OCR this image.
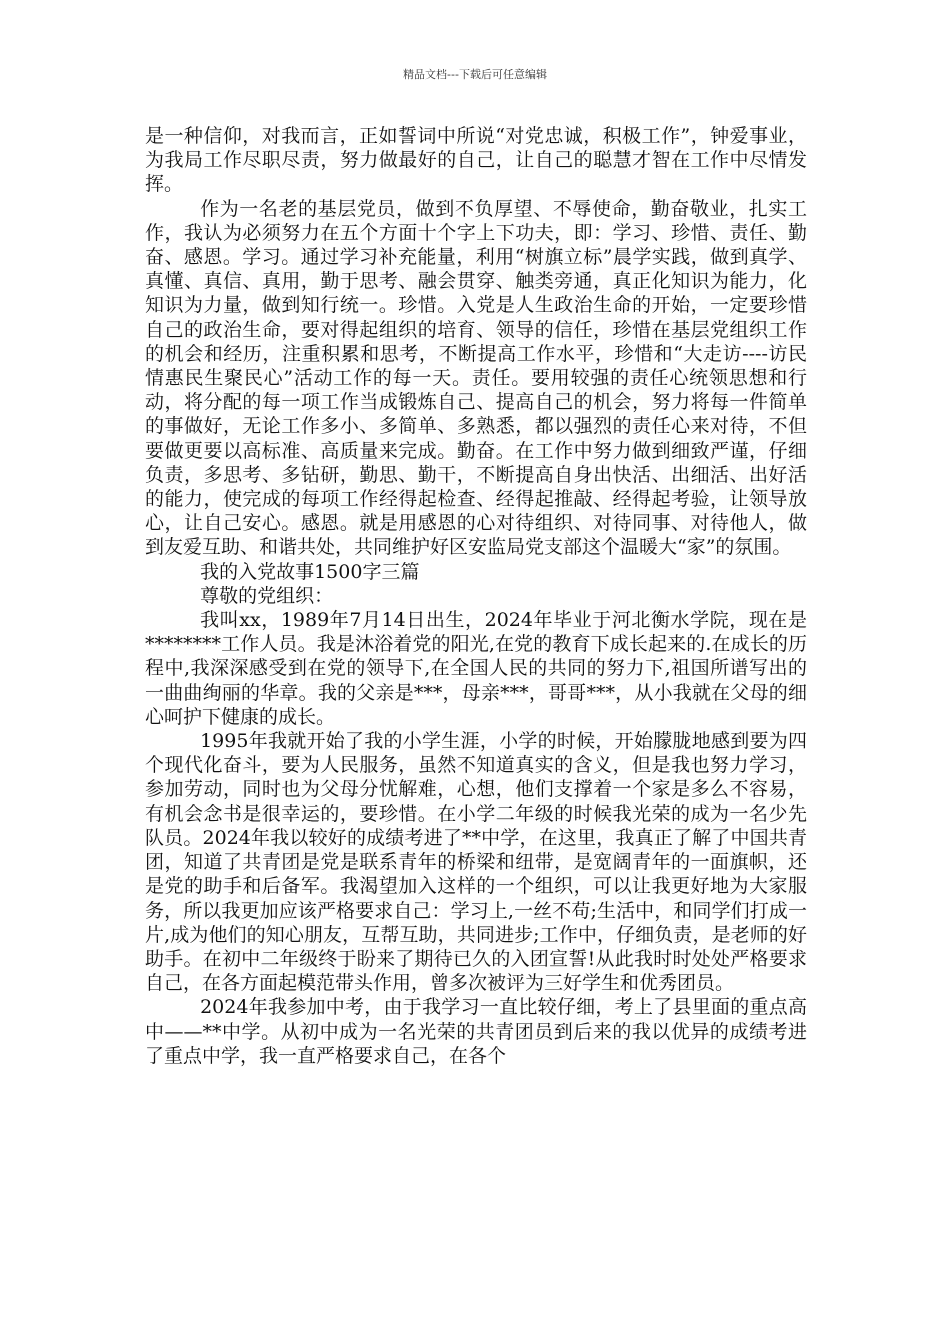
精品文档---下载后可任意编辑

是一种信仰，对我而言，正如誓词中所说“对党忠诚，积极工作”，钟爱事业，为我局工作尽职尽责，努力做最好的自己，让自己的聪慧才智在工作中尽情发挥。

作为一名老的基层党员，做到不负厚望、不辱使命，勤奋敬业，扎实工作，我认为必须努力在五个方面十个字上下功夫，即：学习、珍惜、责任、勤奋、感恩。学习。通过学习补充能量，利用“树旗立标”晨学实践，做到真学、真懂、真信、真用，勤于思考、融会贯穿、触类旁通，真正化知识为能力，化知识为力量，做到知行统一。珍惜。入党是人生政治生命的开始，一定要珍惜自己的政治生命，要对得起组织的培育、领导的信任，珍惜在基层党组织工作的机会和经历，注重积累和思考，不断提高工作水平，珍惜和“大走访----访民情惠民生聚民心”活动工作的每一天。责任。要用较强的责任心统领思想和行动，将分配的每一项工作当成锻炼自己、提高自己的机会，努力将每一件简单的事做好，无论工作多小、多简单、多熟悉，都以强烈的责任心来对待，不但要做更要以高标准、高质量来完成。勤奋。在工作中努力做到细致严谨，仔细负责，多思考、多钻研，勤思、勤干，不断提高自身出快活、出细活、出好活的能力，使完成的每项工作经得起检查、经得起推敲、经得起考验，让领导放心，让自己安心。感恩。就是用感恩的心对待组织、对待同事、对待他人，做到友爱互助、和谐共处，共同维护好区安监局党支部这个温暖大“家”的氛围。

我的入党故事1500字三篇

尊敬的党组织：

我叫xx，1989年7月14日出生，2024年毕业于河北衡水学院，现在是********工作人员。我是沐浴着党的阳光,在党的教育下成长起来的.在成长的历程中,我深深感受到在党的领导下,在全国人民的共同的努力下,祖国所谱写出的一曲曲绚丽的华章。我的父亲是***，母亲***，哥哥***，从小我就在父母的细心呵护下健康的成长。

1995年我就开始了我的小学生涯，小学的时候，开始朦胧地感到要为四个现代化奋斗，要为人民服务，虽然不知道真实的含义，但是我也努力学习，参加劳动，同时也为父母分忧解难，心想，他们支撑着一个家是多么不容易，有机会念书是很幸运的，要珍惜。在小学二年级的时候我光荣的成为一名少先队员。2024年我以较好的成绩考进了**中学，在这里，我真正了解了中国共青团，知道了共青团是党是联系青年的桥梁和纽带，是宽阔青年的一面旗帜，还是党的助手和后备军。我渴望加入这样的一个组织，可以让我更好地为大家服务，所以我更加应该严格要求自己：学习上,一丝不苟;生活中，和同学们打成一片,成为他们的知心朋友，互帮互助，共同进步;工作中，仔细负责，是老师的好助手。在初中二年级终于盼来了期待已久的入团宣誓!从此我时时处处严格要求自己，在各方面起模范带头作用，曾多次被评为三好学生和优秀团员。

2024年我参加中考，由于我学习一直比较仔细，考上了县里面的重点高中——**中学。从初中成为一名光荣的共青团员到后来的我以优异的成绩考进了重点中学，我一直严格要求自己，在各个
